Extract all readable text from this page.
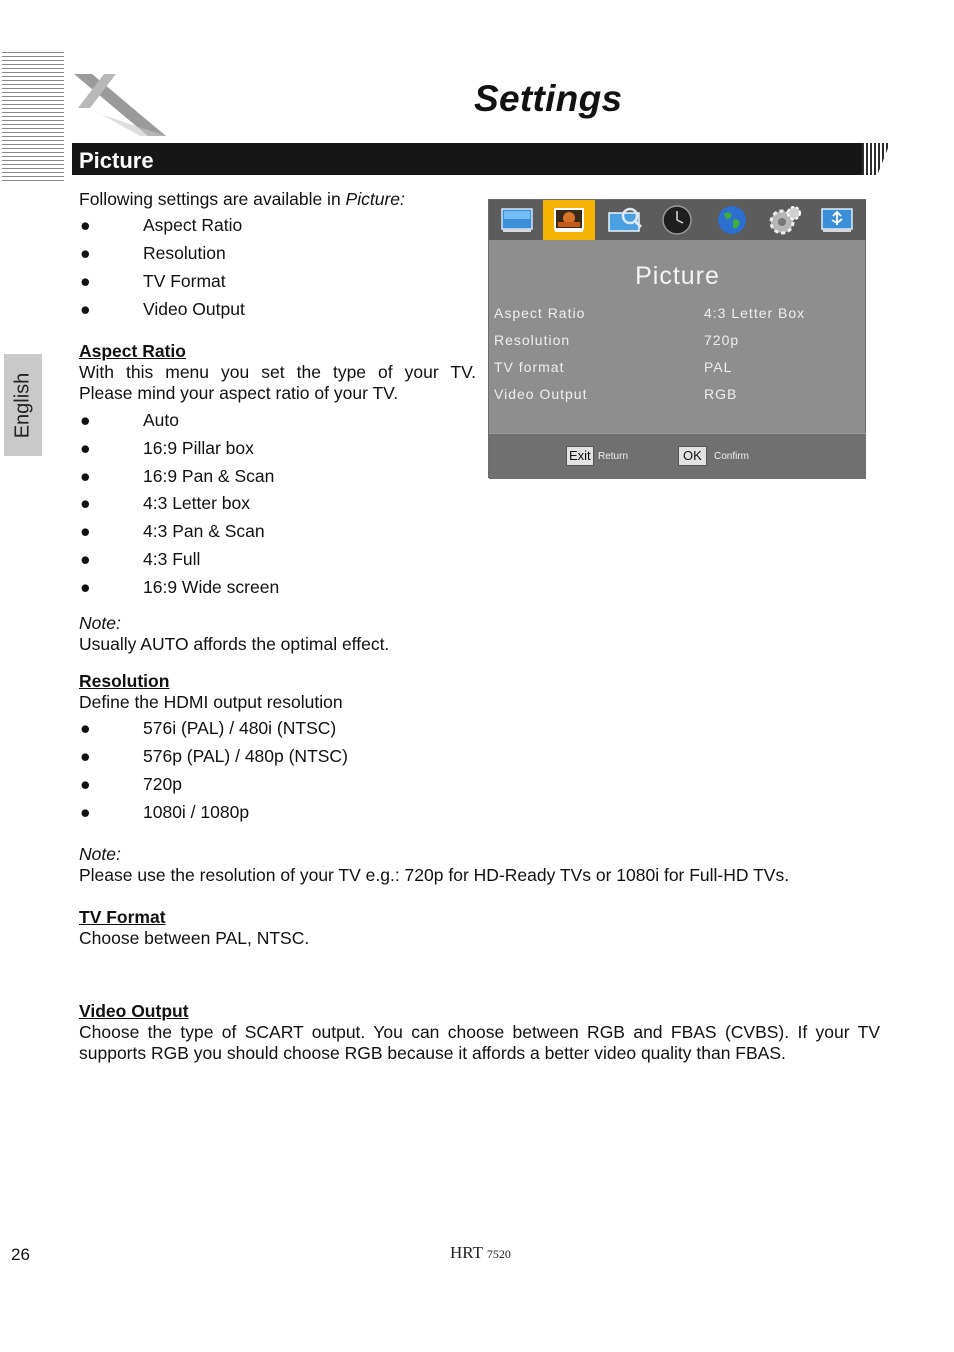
Settings
Picture
English
Following settings are available in Picture:
●	Aspect Ratio
●	Resolution
●	TV Format
●	Video Output
Aspect Ratio
With this menu you set the type of your TV.
Please mind your aspect ratio of your TV.
●	Auto
●	16:9 Pillar box
●	16:9 Pan & Scan
●	4:3 Letter box
●	4:3 Pan & Scan
●	4:3 Full
●	16:9 Wide screen
Note:
Usually AUTO affords the optimal effect.
Resolution
Define the HDMI output resolution
●	576i (PAL) / 480i (NTSC)
●	576p (PAL) / 480p (NTSC)
●	720p
●	1080i / 1080p
Note:
Please use the resolution of your TV e.g.: 720p for HD-Ready TVs or 1080i for Full-HD TVs.
TV Format
Choose between PAL, NTSC.
Video Output
Choose the type of SCART output. You can choose between RGB and FBAS (CVBS). If your TV
supports RGB you should choose RGB because it affords a better video quality than FBAS.
Picture
Aspect Ratio	4:3 Letter Box
Resolution	720p
TV format	PAL
Video Output	RGB
Exit Return	OK	Confirm
26	HRT 7520
